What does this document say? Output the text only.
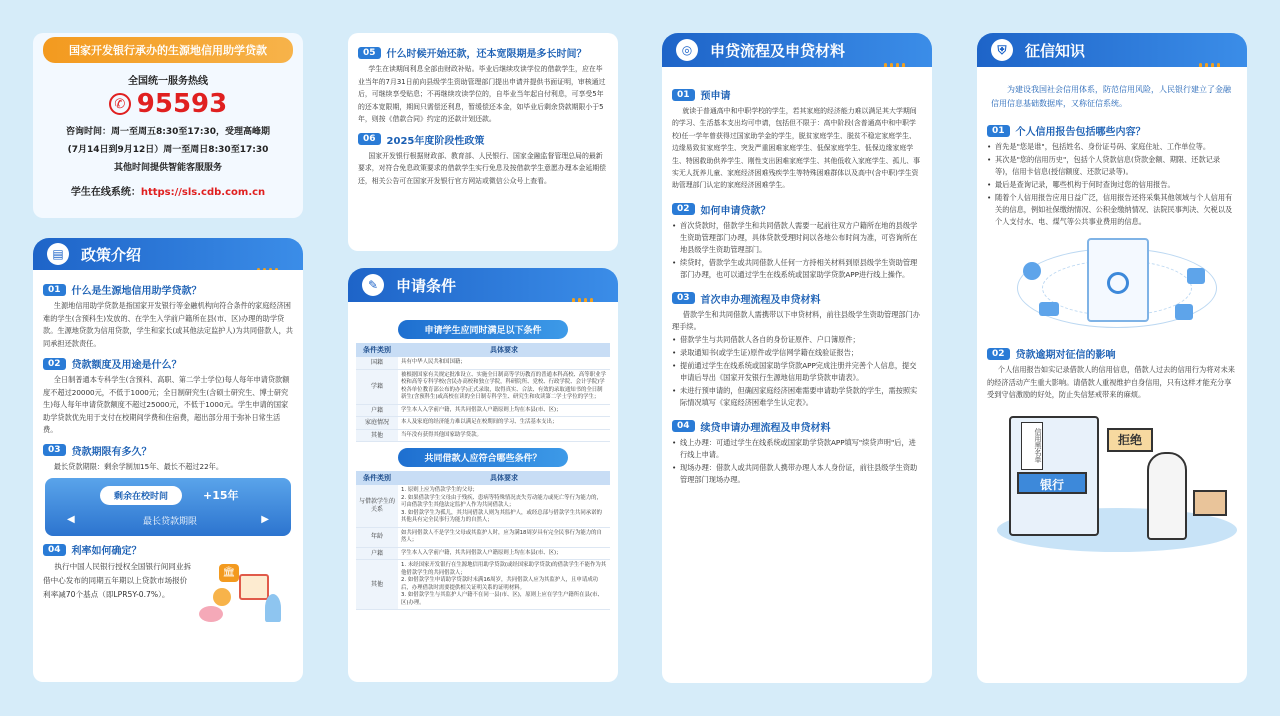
国家开发银行承办的生源地信用助学贷款
全国统一服务热线
✆ 95593
咨询时间：周一至周五8:30至17:30，受理高峰期
(7月14日到9月12日）周一至周日8:30至17:30
其他时间提供智能客服服务
学生在线系统：https://sls.cdb.com.cn
▤	政策介绍
01	什么是生源地信用助学贷款？
生源地信用助学贷款是指国家开发银行等金融机构向符合条件的家庭经济困难的学生(含预科生)发放的、在学生入学前户籍所在县(市、区)办理的助学贷款。生源地贷款为信用贷款，学生和家长(或其他法定监护人)为共同借款人，共同承担还款责任。
02	贷款额度及用途是什么？
全日制普通本专科学生(含预科、高职、第二学士学位)每人每年申请贷款额度不超过20000元，不低于1000元；全日制研究生(含硕士研究生、博士研究生)每人每年申请贷款额度不超过25000元，不低于1000元。学生申请的国家助学贷款优先用于支付在校期间学费和住宿费，超出部分用于弥补日常生活费。
03	贷款期限有多久？
最长贷款期限：剩余学制加15年、最长不超过22年。
剩余在校时间	+15年
◀	最长贷款期限	▶
04	利率如何确定？
执行中国人民银行授权全国银行间同业拆借中心发布的同期五年期以上贷款市场报价利率减70个基点（即LPR5Y-0.7%）。
🏛
05	什么时候开始还款，还本宽限期是多长时间？
学生在读期间利息全部由财政补贴。毕业后继续攻读学位的借款学生，应在毕业当年的7月31日前向县级学生资助管理部门提出申请并提供书面证明，审核通过后，可继续享受贴息；不再继续攻读学位的，自毕业当年起自付利息，可享受5年的还本宽限期，期间只需偿还利息，暂缓偿还本金，如毕业后剩余贷款期限小于5年，则按《借款合同》约定的还款计划还款。
06	2025年度阶段性政策
国家开发银行根据财政部、教育部、人民银行、国家金融监督管理总局的最新要求，对符合免息政策要求的借款学生实行免息及按借款学生意愿办理本金延期偿还，相关公告可在国家开发银行官方网站或微信公众号上查看。
✎	申请条件
申请学生应同时满足以下条件
条件类别	具体要求
国籍	具有中华人民共和国国籍；
学籍	被根据国家有关规定批准设立、实施全日制高等学历教育的普通本科高校、高等职业学校和高等专科学校(含民办高校和独立学院，科研院所、党校、行政学院、会计学院)学校各单位教育部公布的办学)正式录取，取得真实、合法、有效的录取通知书的全日制新生(含预科生)或高校在读的全日制专科学生、研究生和攻读第二学士学位的学生；
户籍	学生本人入学前户籍，其共同借款人户籍原则上均在本县(市、区)；
家庭情况	本人及家庭的经济能力难以满足在校期间的学习、生活基本支出；
其他	当年没有获得其他国家助学贷款。
共同借款人应符合哪些条件？
条件类别	具体要求
与借款学生的关系	1. 原则上应为借款学生的父母；
2. 如果借款学生父母由于残疾、患病等特殊情况丧失劳动能力或死亡等行为能力的，可由借款学生其他法定监护人作为共同借款人；
3. 如借款学生为孤儿，其共同借款人则为其监护人，或经总部与借款学生共同承诺的其他具有完全民事行为能力的自然人；
年龄	如共同借款人不是学生父母或其监护人时，应为满18周岁具有完全民事行为能力的自然人；
户籍	学生本人入学前户籍，其共同借款人户籍原则上均在本县(市、区)；
其他	1. 未经国家开发银行在生源地信用助学贷款(或经国家助学贷款)的借款学生不能作为其他借款学生的共同借款人；
2. 如借款学生申请助学贷款时未满16周岁，共同借款人应为其监护人，且申请成功后，办理借款时需要提供相关证明关系的证明材料。
3. 如借款学生与其监护人户籍不在同一县(市、区)，原则上应在学生户籍所在县(市、区)办理。
◎	申贷流程及申贷材料
01	预申请
就读于普通高中和中职学校的学生，若其家庭的经济能力难以满足其大学期间的学习、生活基本支出均可申请，包括但不限于：高中阶段(含普通高中和中职学校)任一学年曾获得过国家助学金的学生，脱贫家庭学生、脱贫不稳定家庭学生、边缘易致贫家庭学生、突发严重困难家庭学生、低保家庭学生、低保边缘家庭学生、特困救助供养学生、刚性支出困难家庭学生、其他低收入家庭学生、孤儿、事实无人抚养儿童、家庭经济困难残疾学生等特殊困难群体以及高中(含中职)学生资助管理部门认定的家庭经济困难学生。
02	如何申请贷款？
• 首次贷款时，借款学生和共同借款人需要一起前往双方户籍所在地的县级学生资助管理部门办理，具体贷款受理时间以各地公布时间为准，可咨询所在地县级学生资助管理部门。
• 续贷时，借款学生或共同借款人任何一方持相关材料到原县级学生资助管理部门办理，也可以通过学生在线系统或国家助学贷款APP进行线上操作。
03	首次申办理流程及申贷材料
借款学生和共同借款人需携带以下申贷材料，前往县级学生资助管理部门办理手续。
• 借款学生与共同借款人各自的身份证原件、户口簿原件；
• 录取通知书(或学生证)原件或学信网学籍在线验证报告；
• 提前通过学生在线系统或国家助学贷款APP完成注册并完善个人信息，提交申请后导出《国家开发银行生源地信用助学贷款申请表》。
• 未进行预申请的，但确因家庭经济困难需要申请助学贷款的学生，需按照实际情况填写《家庭经济困难学生认定表》。
04	续贷申请办理流程及申贷材料
• 线上办理：可通过学生在线系统或国家助学贷款APP填写"续贷声明"后，进行线上申请。
• 现场办理：借款人或共同借款人携带办理人本人身份证，前往县级学生资助管理部门现场办理。
⛨	征信知识
为建设我国社会信用体系，防范信用风险，人民银行建立了金融信用信息基础数据库，又称征信系统。
01	个人信用报告包括哪些内容？
• 首先是"您是谁"，包括姓名、身份证号码、家庭住址、工作单位等。
• 其次是"您的信用历史"，包括个人贷款信息(贷款金额、期限、还款记录等)，信用卡信息(授信额度、还款记录等)。
• 最后是查询记录，哪些机构于何时查询过您的信用报告。
• 随着个人信用报告应用日益广泛，信用报告还将采集其他领域与个人信用有关的信息，例如社保缴纳情况、公积金缴纳情况、法院民事判决、欠税以及个人支付水、电、煤气等公共事业费用的信息。
02	贷款逾期对征信的影响
个人信用报告如实记录借款人的信用信息，借款人过去的信用行为将对未来的经济活动产生重大影响。请借款人重视维护自身信用，只有这样才能充分享受到守信激励的好处，防止失信惩戒带来的麻烦。
银行
信用黑名单	拒绝
